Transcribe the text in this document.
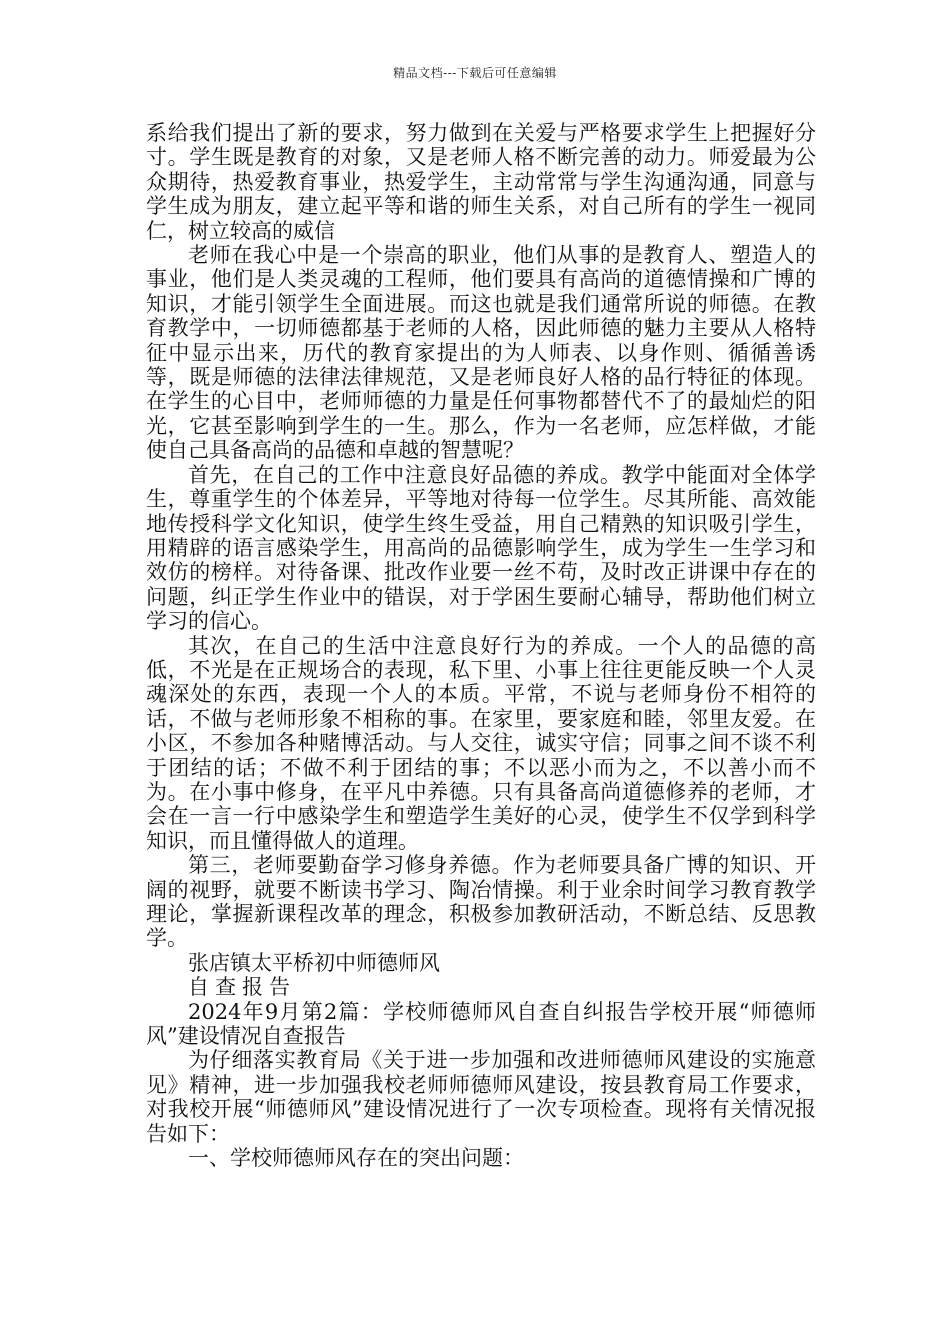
精品文档---下载后可任意编辑

系给我们提出了新的要求，努力做到在关爱与严格要求学生上把握好分寸。学生既是教育的对象，又是老师人格不断完善的动力。师爱最为公众期待，热爱教育事业，热爱学生，主动常常与学生沟通沟通，同意与学生成为朋友，建立起平等和谐的师生关系，对自己所有的学生一视同仁，树立较高的威信

老师在我心中是一个崇高的职业，他们从事的是教育人、塑造人的事业，他们是人类灵魂的工程师，他们要具有高尚的道德情操和广博的知识，才能引领学生全面进展。而这也就是我们通常所说的师德。在教育教学中，一切师德都基于老师的人格，因此师德的魅力主要从人格特征中显示出来，历代的教育家提出的为人师表、以身作则、循循善诱等，既是师德的法律法律规范，又是老师良好人格的品行特征的体现。在学生的心目中，老师师德的力量是任何事物都替代不了的最灿烂的阳光，它甚至影响到学生的一生。那么，作为一名老师，应怎样做，才能使自己具备高尚的品德和卓越的智慧呢？

首先，在自己的工作中注意良好品德的养成。教学中能面对全体学生，尊重学生的个体差异，平等地对待每一位学生。尽其所能、高效能地传授科学文化知识，使学生终生受益，用自己精熟的知识吸引学生，用精辟的语言感染学生，用高尚的品德影响学生，成为学生一生学习和效仿的榜样。对待备课、批改作业要一丝不苟，及时改正讲课中存在的问题，纠正学生作业中的错误，对于学困生要耐心辅导，帮助他们树立学习的信心。

其次，在自己的生活中注意良好行为的养成。一个人的品德的高低，不光是在正规场合的表现，私下里、小事上往往更能反映一个人灵魂深处的东西，表现一个人的本质。平常，不说与老师身份不相符的话，不做与老师形象不相称的事。在家里，要家庭和睦，邻里友爱。在小区，不参加各种赌博活动。与人交往，诚实守信；同事之间不谈不利于团结的话；不做不利于团结的事；不以恶小而为之，不以善小而不为。在小事中修身，在平凡中养德。只有具备高尚道德修养的老师，才会在一言一行中感染学生和塑造学生美好的心灵，使学生不仅学到科学知识，而且懂得做人的道理。

第三，老师要勤奋学习修身养德。作为老师要具备广博的知识、开阔的视野，就要不断读书学习、陶冶情操。利于业余时间学习教育教学理论，掌握新课程改革的理念，积极参加教研活动，不断总结、反思教学。

张店镇太平桥初中师德师风

自查报告

2024年9月第2篇：学校师德师风自查自纠报告学校开展“师德师风”建设情况自查报告

为仔细落实教育局《关于进一步加强和改进师德师风建设的实施意见》精神，进一步加强我校老师师德师风建设，按县教育局工作要求，对我校开展“师德师风”建设情况进行了一次专项检查。现将有关情况报告如下：

一、学校师德师风存在的突出问题：
